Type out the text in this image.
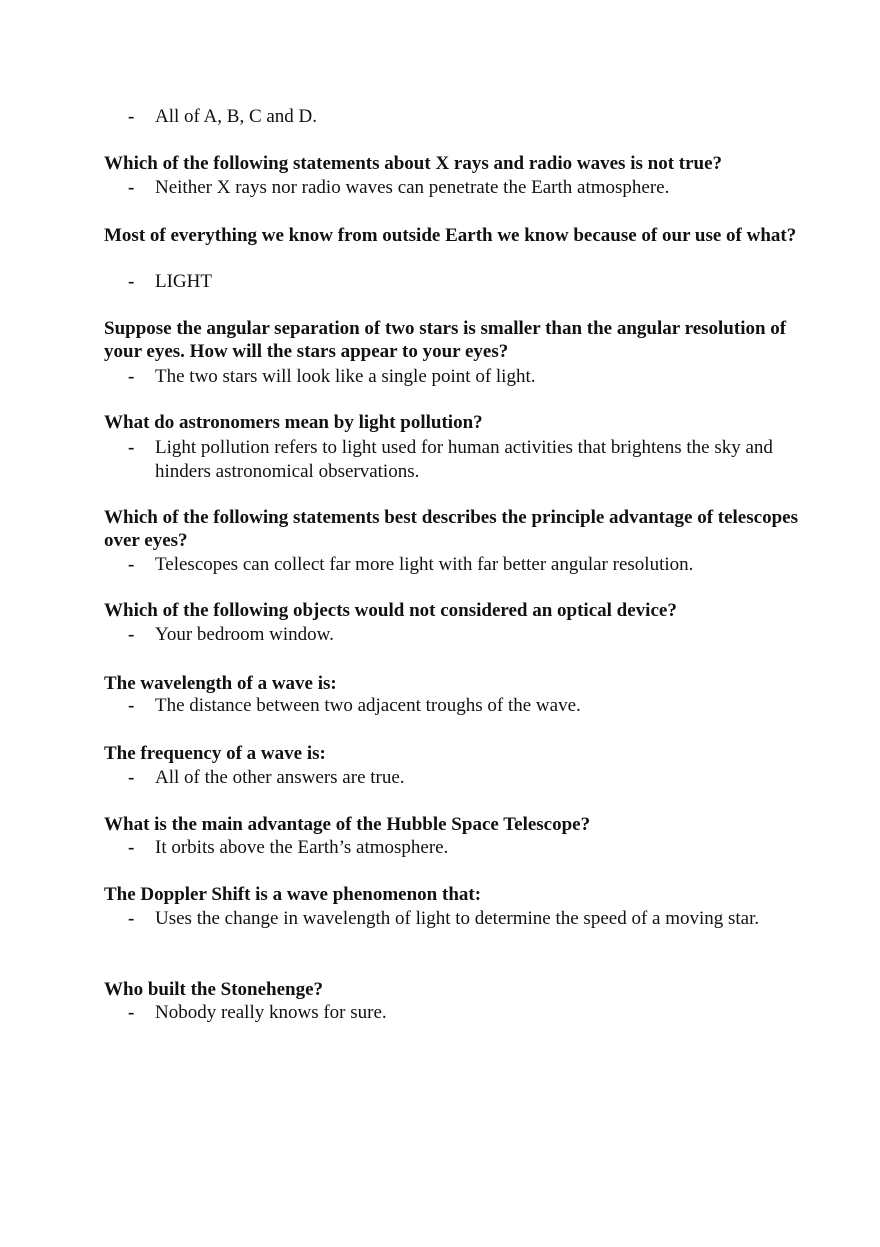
-	All of A, B, C and D.
Which of the following statements about X rays and radio waves is not true?
-	Neither X rays nor radio waves can penetrate the Earth atmosphere.
Most of everything we know from outside Earth we know because of our use of what?
-	LIGHT
Suppose the angular separation of two stars is smaller than the angular resolution of your eyes. How will the stars appear to your eyes?
-	The two stars will look like a single point of light.
What do astronomers mean by light pollution?
-	Light pollution refers to light used for human activities that brightens the sky and hinders astronomical observations.
Which of the following statements best describes the principle advantage of telescopes over eyes?
-	Telescopes can collect far more light with far better angular resolution.
Which of the following objects would not considered an optical device?
-	Your bedroom window.
The wavelength of a wave is:
-	The distance between two adjacent troughs of the wave.
The frequency of a wave is:
-	All of the other answers are true.
What is the main advantage of the Hubble Space Telescope?
-	It orbits above the Earth’s atmosphere.
The Doppler Shift is a wave phenomenon that:
-	Uses the change in wavelength of light to determine the speed of a moving star.
Who built the Stonehenge?
-	Nobody really knows for sure.
